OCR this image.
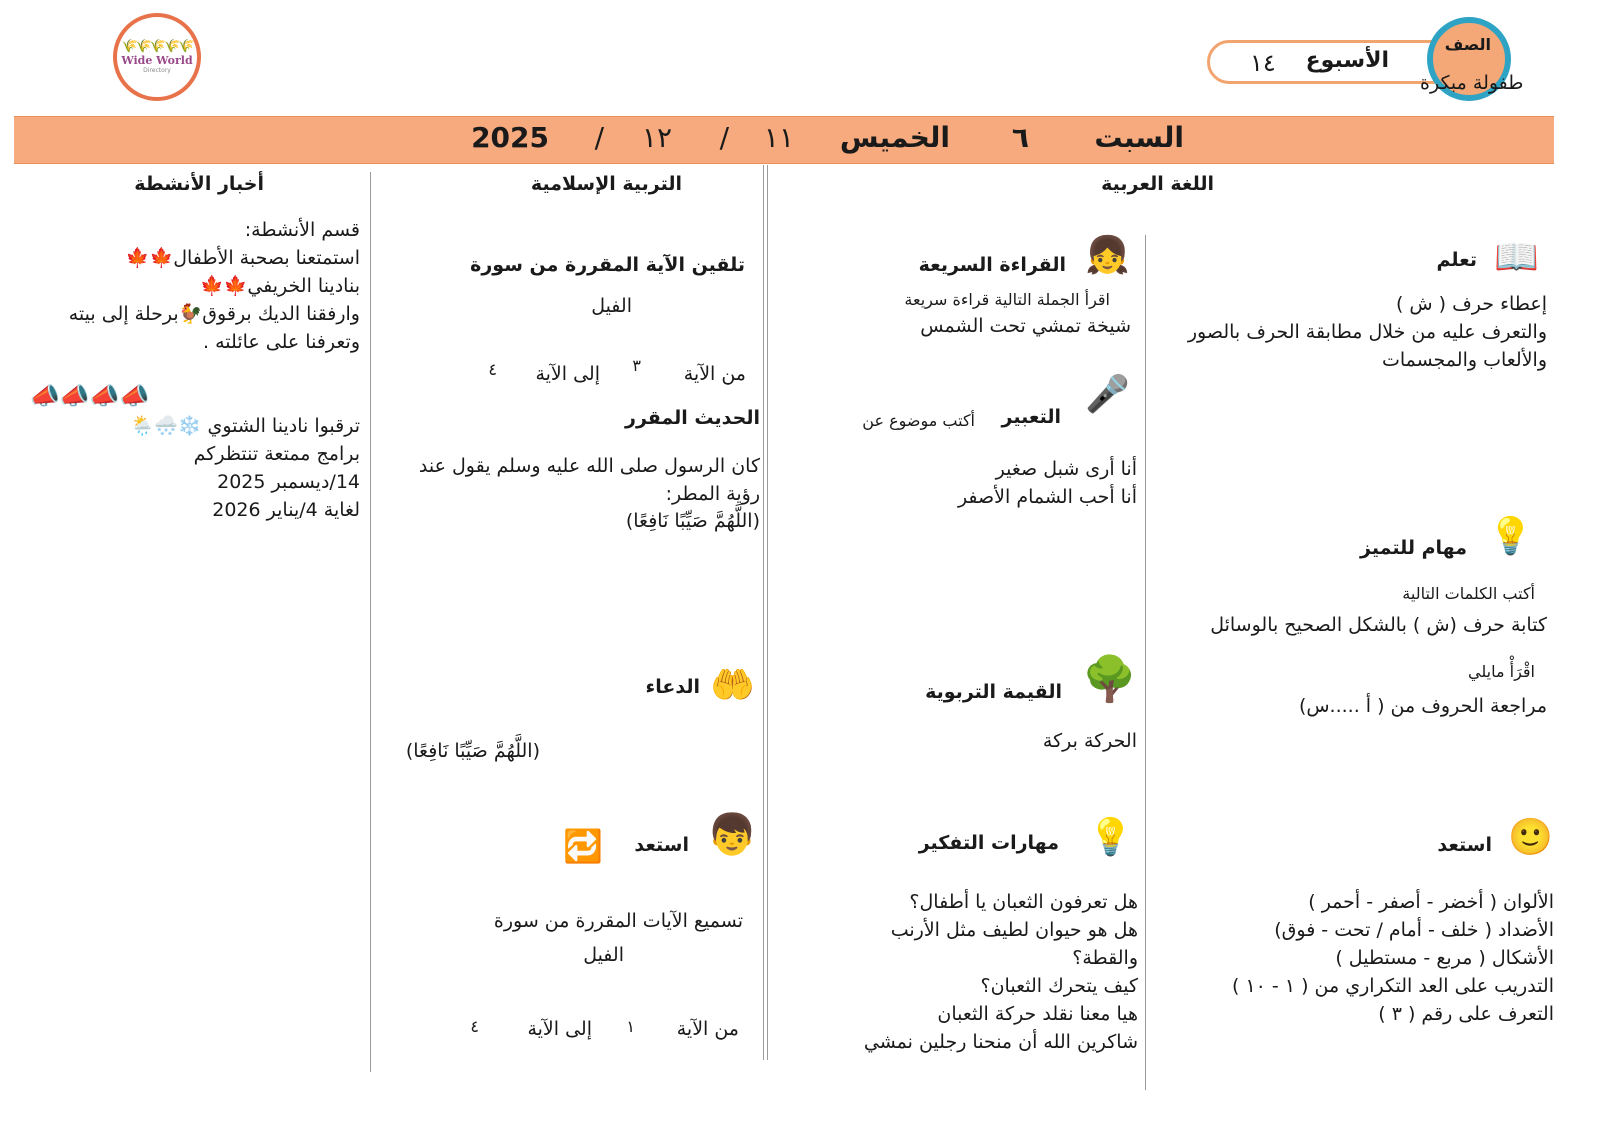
🌾🌾🌾🌾🌾
Wide World
Directory	الأسبوع
١٤
الصف
طفولة مبكرة
السبت
٦
الخميس
١١
/
١٢
/
2025
اللغة العربية
📖
تعلم
إعطاء حرف ( ش )
والتعرف عليه من خلال مطابقة الحرف بالصور
والألعاب والمجسمات
👧
القراءة السريعة
اقرأ الجملة التالية قراءة سريعة
شيخة تمشي تحت الشمس
🎤
التعبير
أكتب موضوع عن
أنا أرى شبل صغير
أنا أحب الشمام الأصفر
💡
مهام للتميز
أكتب الكلمات التالية
كتابة حرف (ش ) بالشكل الصحيح بالوسائل
اقْرَأْ مايلي
مراجعة الحروف من ( أ .....س)
🌳
القيمة التربوية
الحركة بركة
🙂
استعد
الألوان ( أخضر - أصفر - أحمر )
الأضداد ( خلف - أمام / تحت - فوق)
الأشكال ( مربع - مستطيل )
التدريب على العد التكراري من ( ١ - ١٠ )
التعرف على رقم ( ٣ )
💡
مهارات التفكير
هل تعرفون الثعبان يا أطفال؟
هل هو حيوان لطيف مثل الأرنب
والقطة؟
كيف يتحرك الثعبان؟
هيا معنا نقلد حركة الثعبان
شاكرين الله أن منحنا رجلين نمشي
التربية الإسلامية
تلقين الآية المقررة من سورة
الفيل
من الآية
٣
إلى الآية
٤
الحديث المقرر
كان الرسول صلى الله عليه وسلم يقول عند
رؤية المطر:
(اللَّهُمَّ صَيِّبًا نَافِعًا)
🤲
الدعاء
(اللَّهُمَّ صَيِّبًا نَافِعًا)
👦
استعد
🔁
تسميع الآيات المقررة من سورة
الفيل
من الآية
١
إلى الآية
٤
أخبار الأنشطة
قسم الأنشطة:
استمتعنا بصحبة الأطفال🍁🍁
بنادينا الخريفي🍁🍁
وارفقنا الديك برقوق🐓برحلة إلى بيته
وتعرفنا على عائلته .
📣📣📣📣
ترقبوا نادينا الشتوي ❄️🌨️🌦️
برامج ممتعة تنتظركم
14/ديسمبر 2025
لغاية 4/يناير 2026
